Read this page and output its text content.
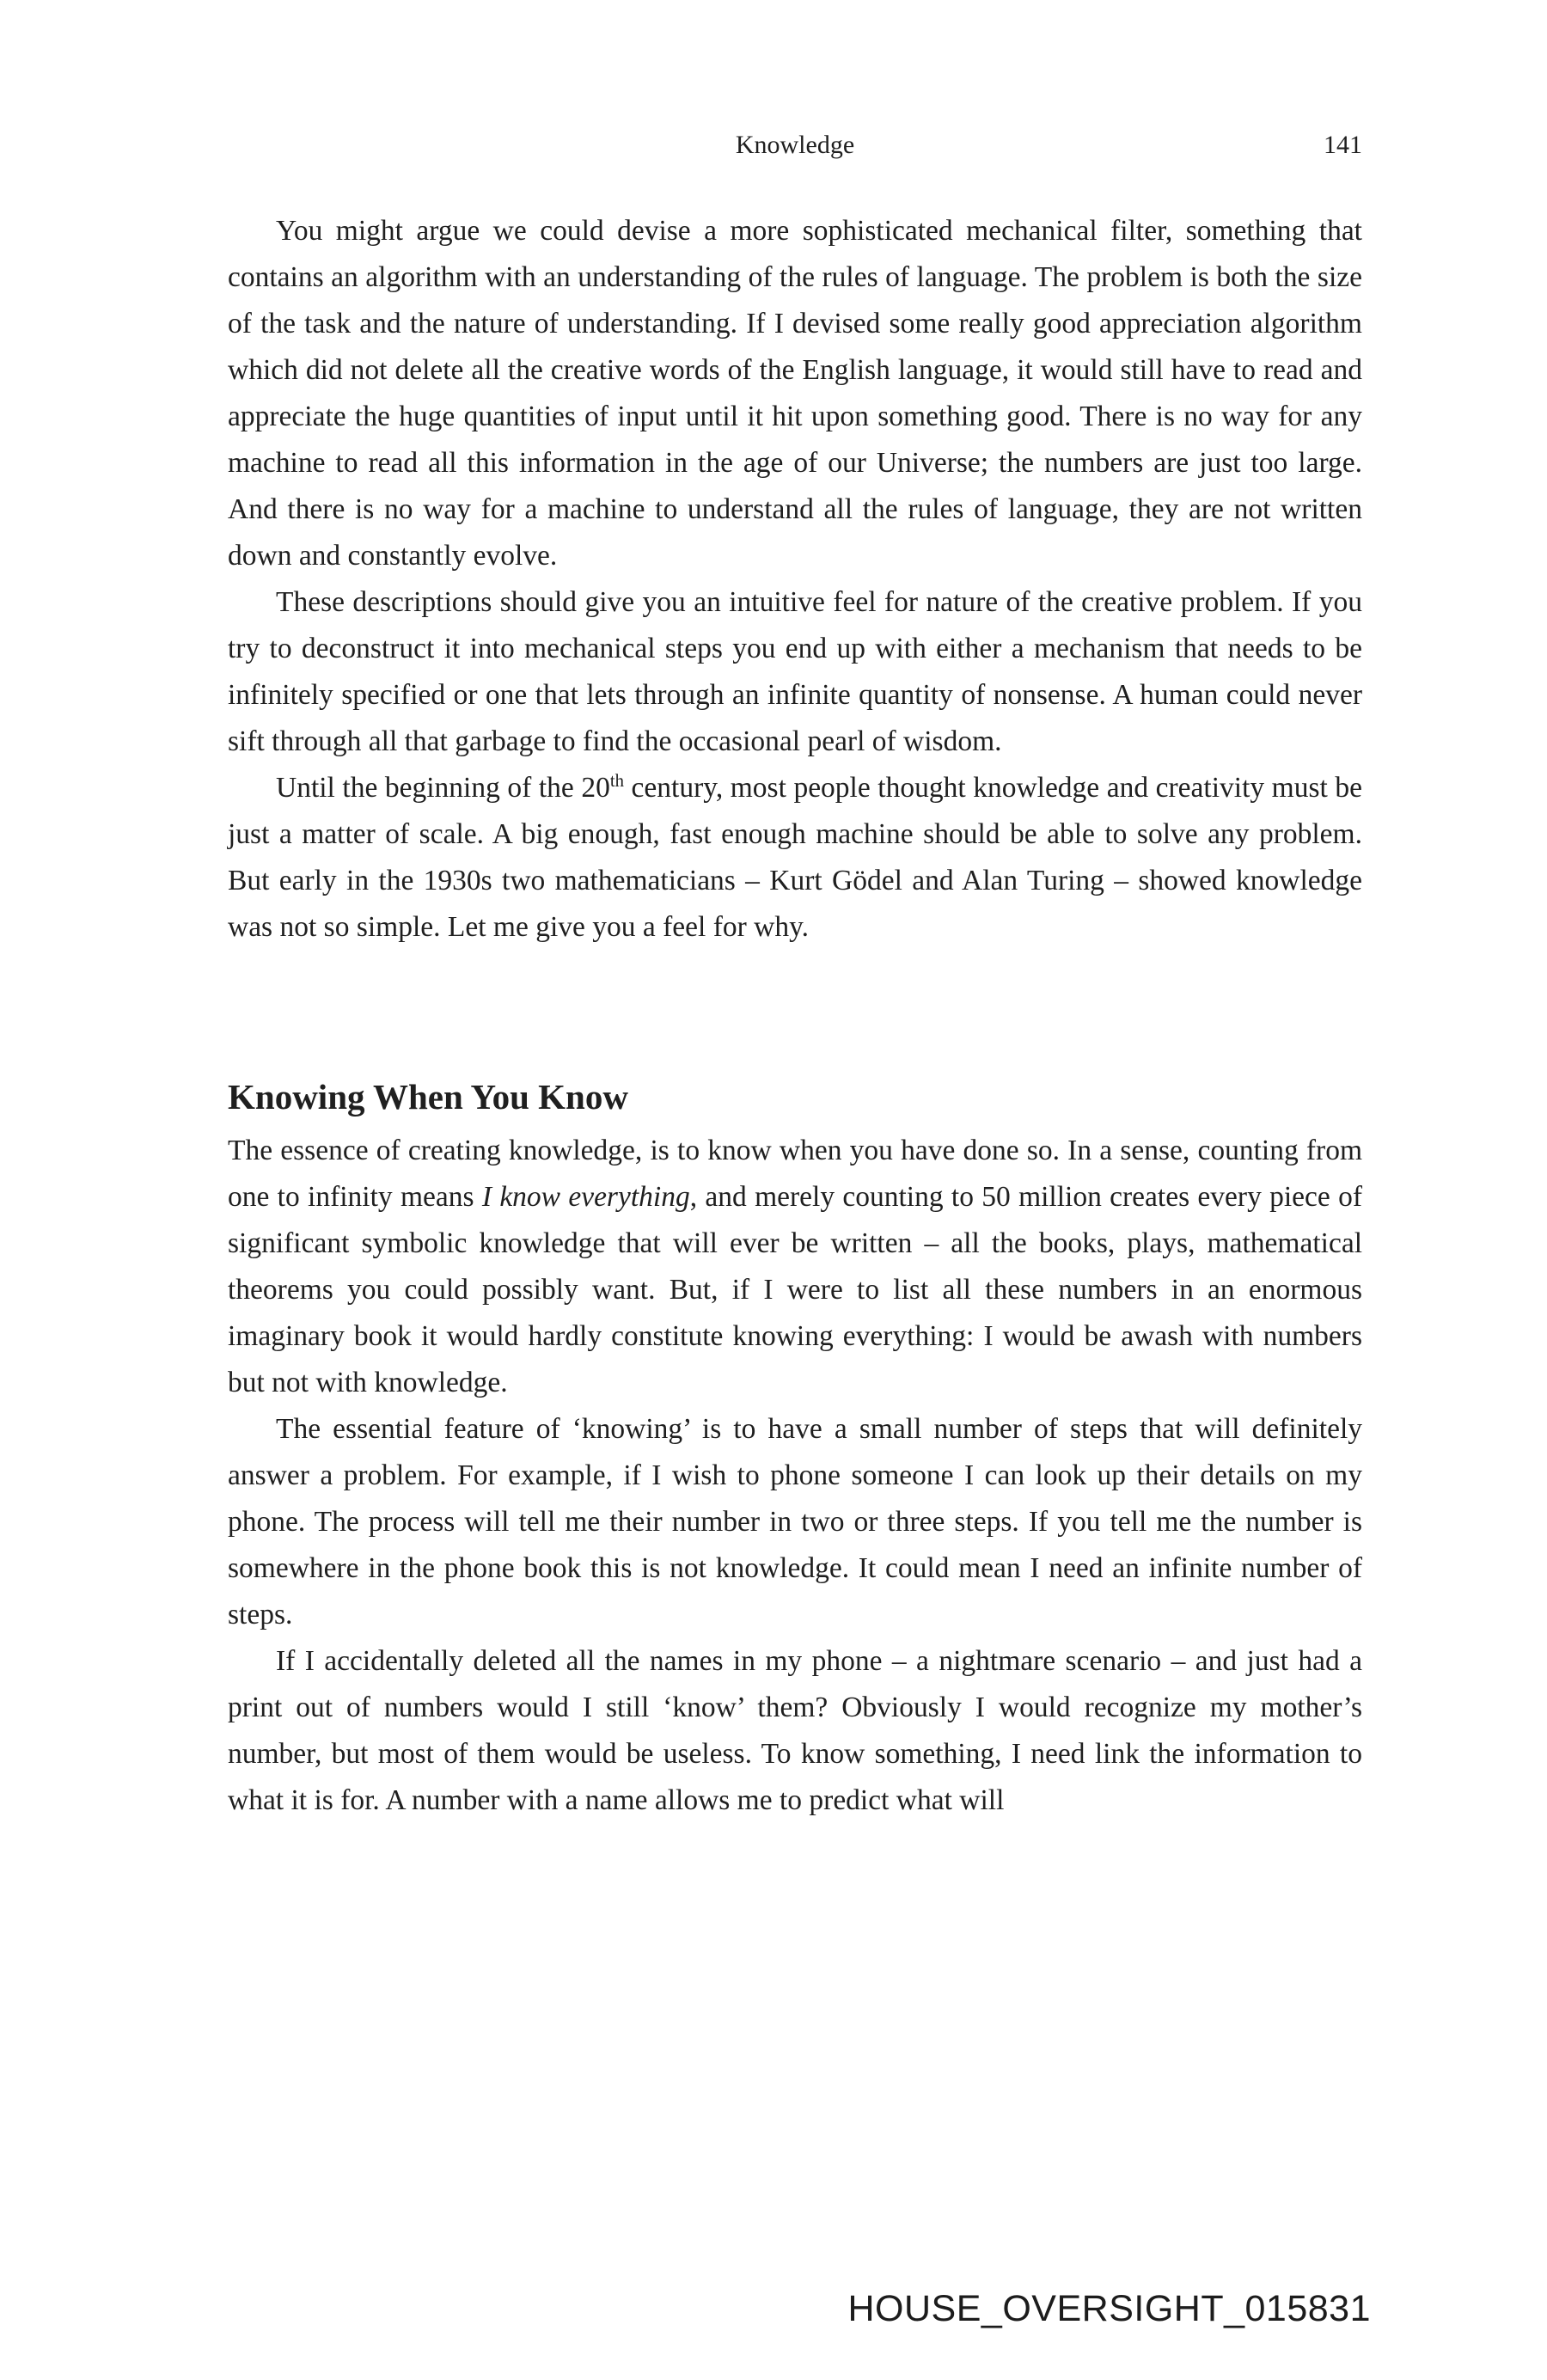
Knowledge	141

You might argue we could devise a more sophisticated mechanical filter, something that contains an algorithm with an understanding of the rules of language. The problem is both the size of the task and the nature of understanding. If I devised some really good appreciation algorithm which did not delete all the creative words of the English language, it would still have to read and appreciate the huge quantities of input until it hit upon something good. There is no way for any machine to read all this information in the age of our Universe; the numbers are just too large. And there is no way for a machine to understand all the rules of language, they are not written down and constantly evolve.

These descriptions should give you an intuitive feel for nature of the creative problem. If you try to deconstruct it into mechanical steps you end up with either a mechanism that needs to be infinitely specified or one that lets through an infinite quantity of nonsense. A human could never sift through all that garbage to find the occasional pearl of wisdom.

Until the beginning of the 20th century, most people thought knowledge and creativity must be just a matter of scale. A big enough, fast enough machine should be able to solve any problem. But early in the 1930s two mathematicians – Kurt Gödel and Alan Turing – showed knowledge was not so simple. Let me give you a feel for why.

Knowing When You Know

The essence of creating knowledge, is to know when you have done so. In a sense, counting from one to infinity means I know everything, and merely counting to 50 million creates every piece of significant symbolic knowledge that will ever be written – all the books, plays, mathematical theorems you could possibly want. But, if I were to list all these numbers in an enormous imaginary book it would hardly constitute knowing everything: I would be awash with numbers but not with knowledge.

The essential feature of ‘knowing’ is to have a small number of steps that will definitely answer a problem. For example, if I wish to phone someone I can look up their details on my phone. The process will tell me their number in two or three steps. If you tell me the number is somewhere in the phone book this is not knowledge. It could mean I need an infinite number of steps.

If I accidentally deleted all the names in my phone – a nightmare scenario – and just had a print out of numbers would I still ‘know’ them? Obviously I would recognize my mother’s number, but most of them would be useless. To know something, I need link the information to what it is for. A number with a name allows me to predict what will

HOUSE_OVERSIGHT_015831
